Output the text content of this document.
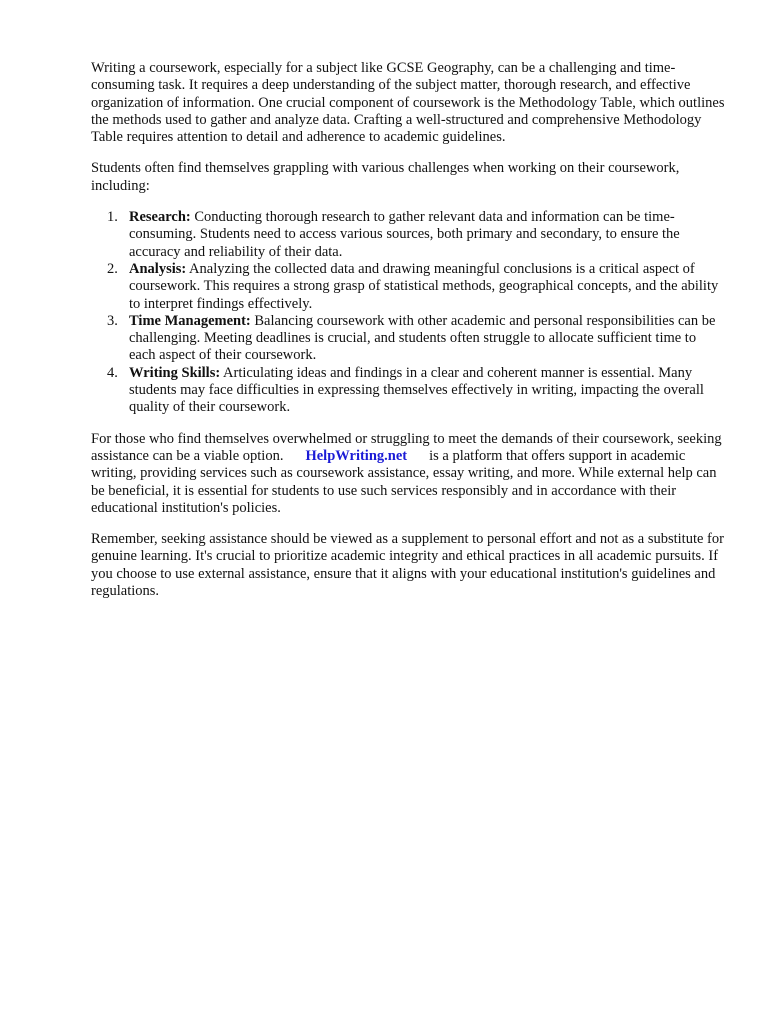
Writing a coursework, especially for a subject like GCSE Geography, can be a challenging and time-consuming task. It requires a deep understanding of the subject matter, thorough research, and effective organization of information. One crucial component of coursework is the Methodology Table, which outlines the methods used to gather and analyze data. Crafting a well-structured and comprehensive Methodology Table requires attention to detail and adherence to academic guidelines.

Students often find themselves grappling with various challenges when working on their coursework, including:

1. Research: Conducting thorough research to gather relevant data and information can be time-consuming. Students need to access various sources, both primary and secondary, to ensure the accuracy and reliability of their data.
2. Analysis: Analyzing the collected data and drawing meaningful conclusions is a critical aspect of coursework. This requires a strong grasp of statistical methods, geographical concepts, and the ability to interpret findings effectively.
3. Time Management: Balancing coursework with other academic and personal responsibilities can be challenging. Meeting deadlines is crucial, and students often struggle to allocate sufficient time to each aspect of their coursework.
4. Writing Skills: Articulating ideas and findings in a clear and coherent manner is essential. Many students may face difficulties in expressing themselves effectively in writing, impacting the overall quality of their coursework.

For those who find themselves overwhelmed or struggling to meet the demands of their coursework, seeking assistance can be a viable option. HelpWriting.net is a platform that offers support in academic writing, providing services such as coursework assistance, essay writing, and more. While external help can be beneficial, it is essential for students to use such services responsibly and in accordance with their educational institution's policies.

Remember, seeking assistance should be viewed as a supplement to personal effort and not as a substitute for genuine learning. It's crucial to prioritize academic integrity and ethical practices in all academic pursuits. If you choose to use external assistance, ensure that it aligns with your educational institution's guidelines and regulations.
